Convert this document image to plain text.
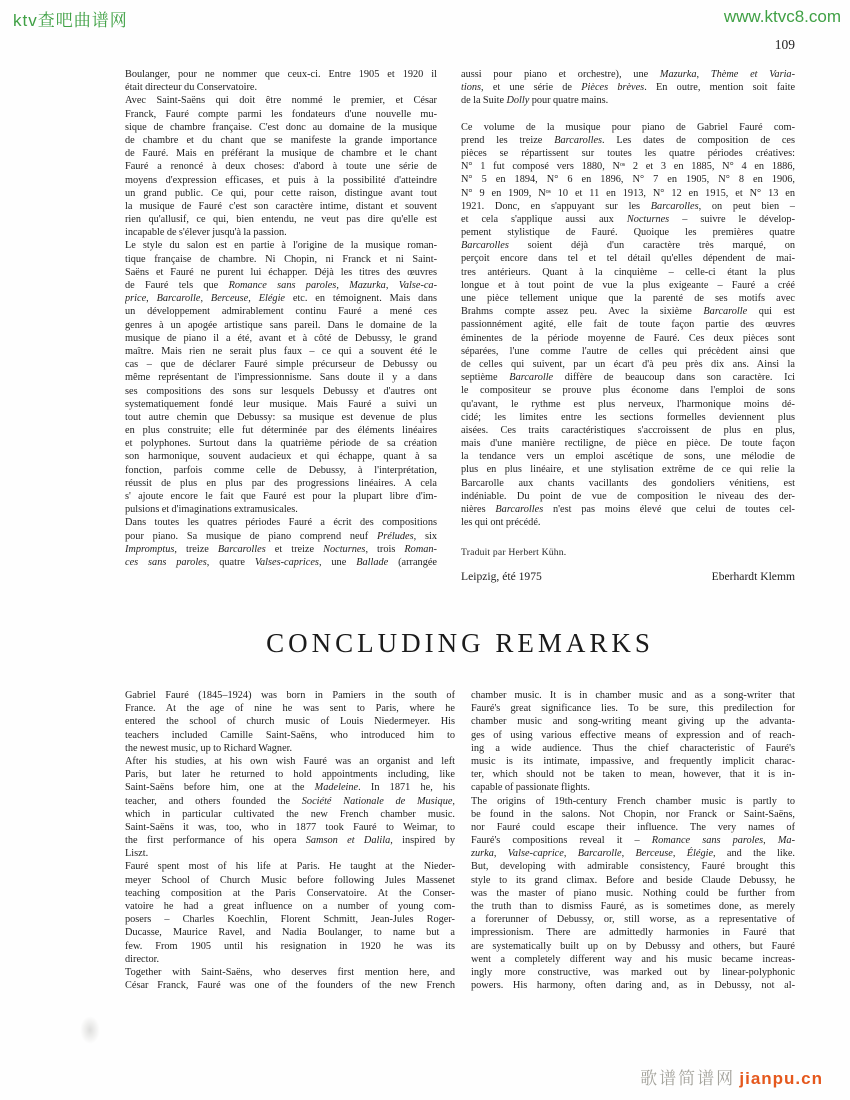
ktv查吧曲谱网	www.ktvc8.com
109
Boulanger, pour ne nommer que ceux-ci. Entre 1905 et 1920 il
était directeur du Conservatoire.
Avec Saint-Saëns qui doit être nommé le premier, et César
Franck, Fauré compte parmi les fondateurs d'une nouvelle mu-
sique de chambre française. C'est donc au domaine de la musique
de chambre et du chant que se manifeste la grande importance
de Fauré. Mais en préférant la musique de chambre et le chant
Fauré a renoncé à deux choses: d'abord à toute une série de
moyens d'expression efficases, et puis à la possibilité d'atteindre
un grand public. Ce qui, pour cette raison, distingue avant tout
la musique de Fauré c'est son caractère intime, distant et souvent
rien qu'allusif, ce qui, bien entendu, ne veut pas dire qu'elle est
incapable de s'élever jusqu'à la passion.
Le style du salon est en partie à l'origine de la musique roman-
tique française de chambre. Ni Chopin, ni Franck et ni Saint-
Saëns et Fauré ne purent lui échapper. Déjà les titres des œuvres
de Fauré tels que Romance sans paroles, Mazurka, Valse-ca-
price, Barcarolle, Berceuse, Elégie etc. en témoignent. Mais dans
un développement admirablement continu Fauré a mené ces
genres à un apogée artistique sans pareil. Dans le domaine de la
musique de piano il a été, avant et à côté de Debussy, le grand
maître. Mais rien ne serait plus faux – ce qui a souvent été le
cas – que de déclarer Fauré simple précurseur de Debussy ou
même représentant de l'impressionnisme. Sans doute il y a dans
ses compositions des sons sur lesquels Debussy et d'autres ont
systematiquement fondé leur musique. Mais Fauré a suivi un
tout autre chemin que Debussy: sa musique est devenue de plus
en plus construite; elle fut déterminée par des éléments linéaires
et polyphones. Surtout dans la quatrième période de sa création
son harmonique, souvent audacieux et qui échappe, quant à sa
fonction, parfois comme celle de Debussy, à l'interprétation,
réussit de plus en plus par des progressions linéaires. A cela
s' ajoute encore le fait que Fauré est pour la plupart libre d'im-
pulsions et d'imaginations extramusicales.
Dans toutes les quatres périodes Fauré a écrit des compositions
pour piano. Sa musique de piano comprend neuf Préludes, six
Impromptus, treize Barcarolles et treize Nocturnes, trois Roman-
ces sans paroles, quatre Valses-caprices, une Ballade (arrangée
aussi pour piano et orchestre), une Mazurka, Thème et Varia-
tions, et une série de Pièces brèves. En outre, mention soit faite
de la Suite Dolly pour quatre mains.
Ce volume de la musique pour piano de Gabriel Fauré com-
prend les treize Barcarolles. Les dates de composition de ces
pièces se répartissent sur toutes les quatre périodes créatives:
N° 1 fut composé vers 1880, Nᵒˢ 2 et 3 en 1885, N° 4 en 1886,
N° 5 en 1894, N° 6 en 1896, N° 7 en 1905, N° 8 en 1906,
N° 9 en 1909, Nᵒˢ 10 et 11 en 1913, N° 12 en 1915, et N° 13 en
1921. Donc, en s'appuyant sur les Barcarolles, on peut bien –
et cela s'applique aussi aux Nocturnes – suivre le dévelop-
pement stylistique de Fauré. Quoique les premières quatre
Barcarolles soient déjà d'un caractère très marqué, on
perçoit encore dans tel et tel détail qu'elles dépendent de mai-
tres antérieurs. Quant à la cinquième – celle-ci étant la plus
longue et à tout point de vue la plus exigeante – Fauré a créé
une pièce tellement unique que la parenté de ses motifs avec
Brahms compte assez peu. Avec la sixième Barcarolle qui est
passionnément agité, elle fait de toute façon partie des œuvres
éminentes de la période moyenne de Fauré. Ces deux pièces sont
séparées, l'une comme l'autre de celles qui précèdent ainsi que
de celles qui suivent, par un écart d'à peu près dix ans. Ainsi la
septième Barcarolle diffère de beaucoup dans son caractère. Ici
le compositeur se prouve plus économe dans l'emploi de sons
qu'avant, le rythme est plus nerveux, l'harmonique moins dé-
cidé; les limites entre les sections formelles deviennent plus
aisées. Ces traits caractéristiques s'accroissent de plus en plus,
mais d'une manière rectiligne, de pièce en pièce. De toute façon
la tendance vers un emploi ascétique de sons, une mélodie de
plus en plus linéaire, et une stylisation extrême de ce qui relie la
Barcarolle aux chants vacillants des gondoliers vénitiens, est
indéniable. Du point de vue de composition le niveau des der-
nières Barcarolles n'est pas moins élevé que celui de toutes cel-
les qui ont précédé.
Traduit par Herbert Kühn.
Leipzig, été 1975	Eberhardt Klemm
CONCLUDING REMARKS
Gabriel Fauré (1845–1924) was born in Pamiers in the south of
France. At the age of nine he was sent to Paris, where he
entered the school of church music of Louis Niedermeyer. His
teachers included Camille Saint-Saëns, who introduced him to
the newest music, up to Richard Wagner.
After his studies, at his own wish Fauré was an organist and left
Paris, but later he returned to hold appointments including, like
Saint-Saëns before him, one at the Madeleine. In 1871 he, his
teacher, and others founded the Société Nationale de Musique,
which in particular cultivated the new French chamber music.
Saint-Saëns it was, too, who in 1877 took Fauré to Weimar, to
the first performance of his opera Samson et Dalila, inspired by
Liszt.
Fauré spent most of his life at Paris. He taught at the Nieder-
meyer School of Church Music before following Jules Massenet
teaching composition at the Paris Conservatoire. At the Conser-
vatoire he had a great influence on a number of young com-
posers – Charles Koechlin, Florent Schmitt, Jean-Jules Roger-
Ducasse, Maurice Ravel, and Nadia Boulanger, to name but a
few. From 1905 until his resignation in 1920 he was its
director.
Together with Saint-Saëns, who deserves first mention here, and
César Franck, Fauré was one of the founders of the new French
chamber music. It is in chamber music and as a song-writer that
Fauré's great significance lies. To be sure, this predilection for
chamber music and song-writing meant giving up the advanta-
ges of using various effective means of expression and of reach-
ing a wide audience. Thus the chief characteristic of Fauré's
music is its intimate, impassive, and frequently implicit charac-
ter, which should not be taken to mean, however, that it is in-
capable of passionate flights.
The origins of 19th-century French chamber music is partly to
be found in the salons. Not Chopin, nor Franck or Saint-Saëns,
nor Fauré could escape their influence. The very names of
Fauré's compositions reveal it – Romance sans paroles, Ma-
zurka, Valse-caprice, Barcarolle, Berceuse, Élégie, and the like.
But, developing with admirable consistency, Fauré brought this
style to its grand climax. Before and beside Claude Debussy, he
was the master of piano music. Nothing could be further from
the truth than to dismiss Fauré, as is sometimes done, as merely
a forerunner of Debussy, or, still worse, as a representative of
impressionism. There are admittedly harmonies in Fauré that
are systematically built up on by Debussy and others, but Fauré
went a completely different way and his music became increas-
ingly more constructive, was marked out by linear-polyphonic
powers. His harmony, often daring and, as in Debussy, not al-
歌谱简谱网 jianpu.cn
